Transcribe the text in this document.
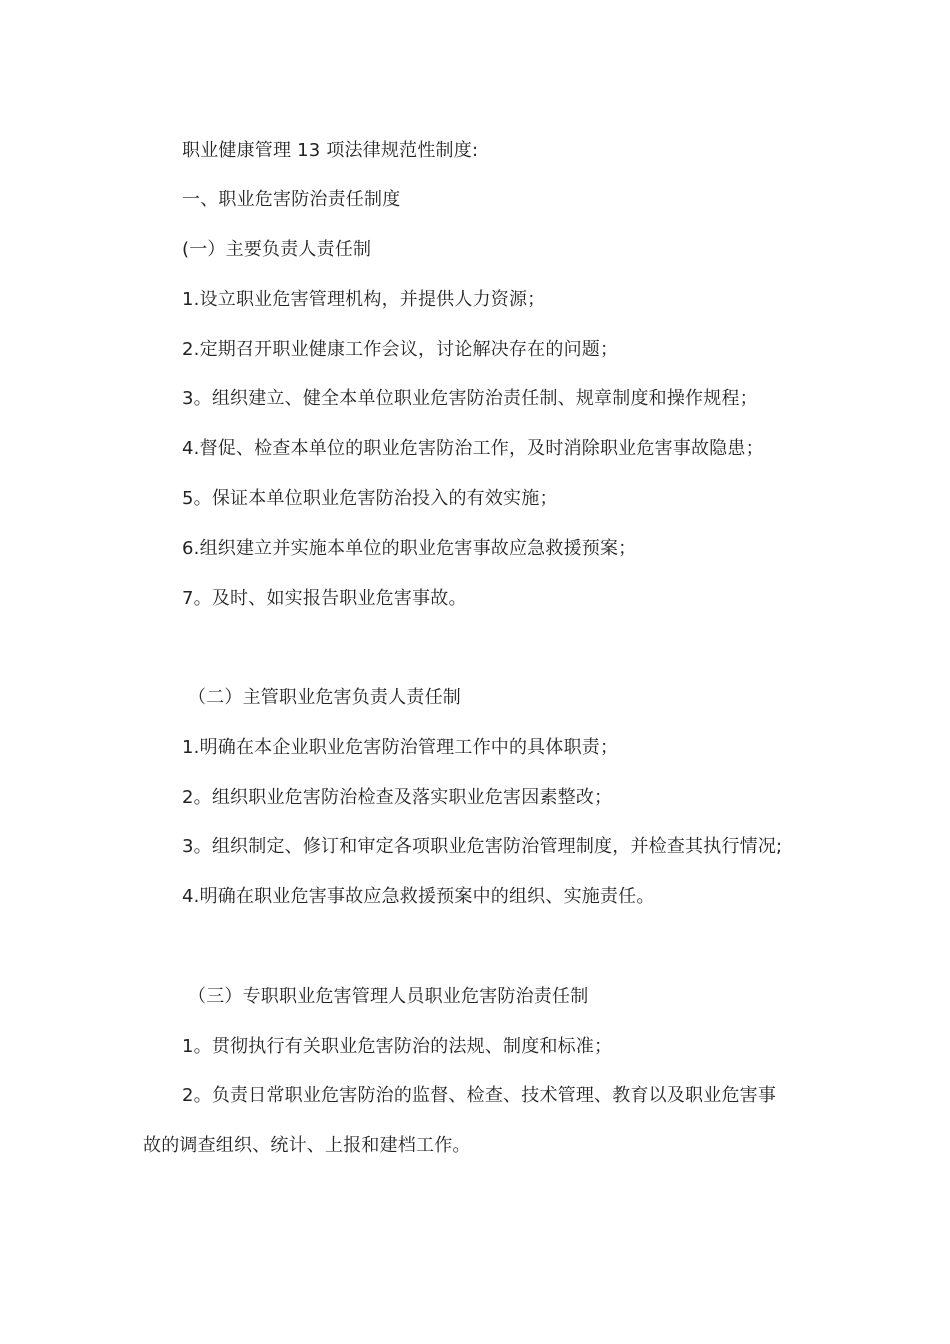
职业健康管理 13 项法律规范性制度:
一、职业危害防治责任制度
(一）主要负责人责任制
1.设立职业危害管理机构，并提供人力资源；
2.定期召开职业健康工作会议，讨论解决存在的问题；
3。组织建立、健全本单位职业危害防治责任制、规章制度和操作规程；
4.督促、检查本单位的职业危害防治工作，及时消除职业危害事故隐患；
5。保证本单位职业危害防治投入的有效实施；
6.组织建立并实施本单位的职业危害事故应急救援预案；
7。及时、如实报告职业危害事故。
（二）主管职业危害负责人责任制
1.明确在本企业职业危害防治管理工作中的具体职责；
2。组织职业危害防治检查及落实职业危害因素整改；
3。组织制定、修订和审定各项职业危害防治管理制度，并检查其执行情况;
4.明确在职业危害事故应急救援预案中的组织、实施责任。
（三）专职职业危害管理人员职业危害防治责任制
1。贯彻执行有关职业危害防治的法规、制度和标准；
2。负责日常职业危害防治的监督、检查、技术管理、教育以及职业危害事
故的调查组织、统计、上报和建档工作。
